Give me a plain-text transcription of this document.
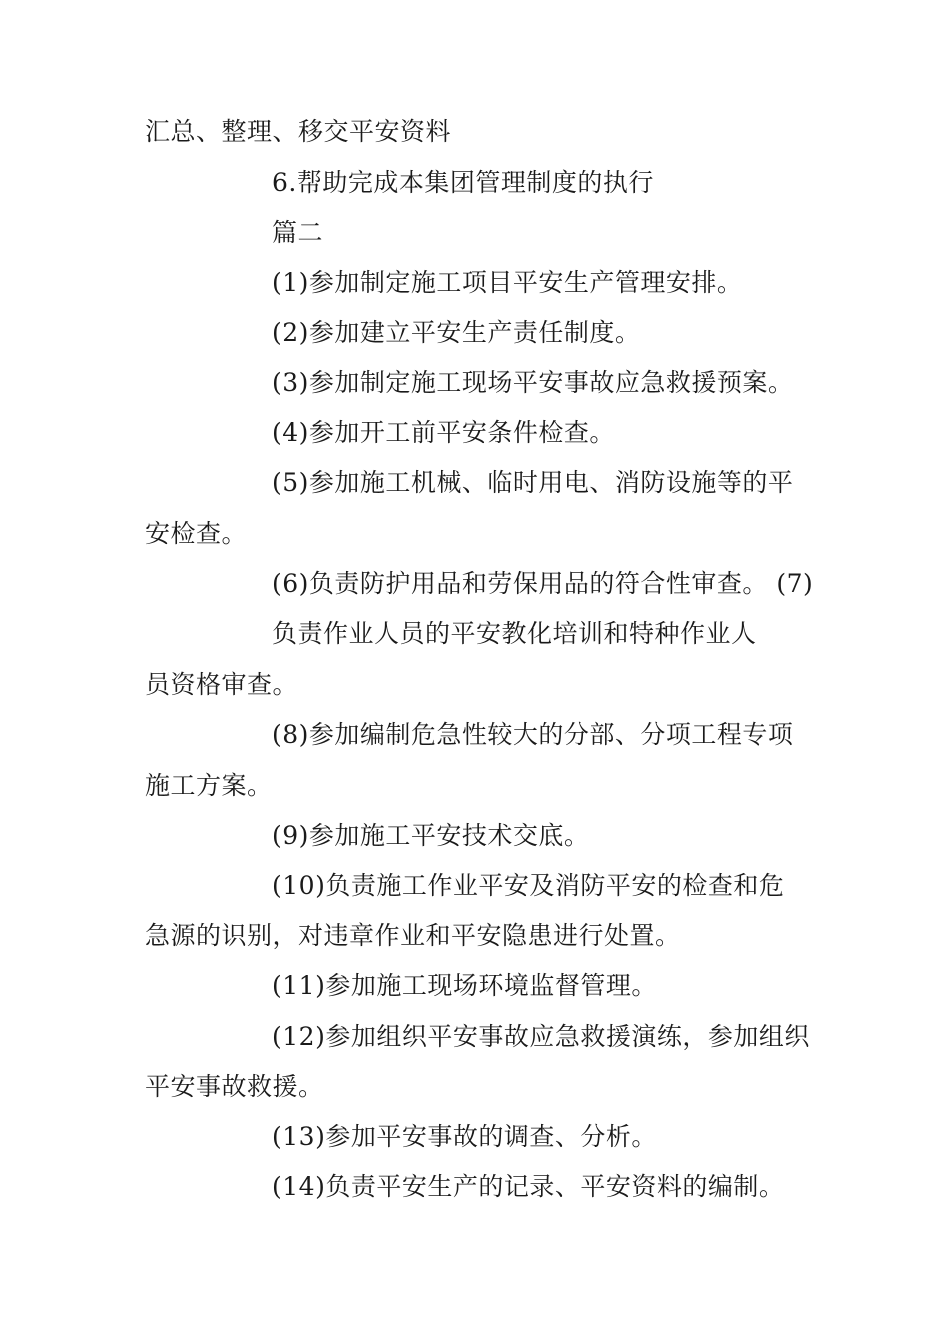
汇总、整理、移交平安资料
6.帮助完成本集团管理制度的执行
篇二
(1)参加制定施工项目平安生产管理安排。
(2)参加建立平安生产责任制度。
(3)参加制定施工现场平安事故应急救援预案。
(4)参加开工前平安条件检查。
(5)参加施工机械、临时用电、消防设施等的平
安检查。
(6)负责防护用品和劳保用品的符合性审查。 (7)
负责作业人员的平安教化培训和特种作业人
员资格审查。
(8)参加编制危急性较大的分部、分项工程专项
施工方案。
(9)参加施工平安技术交底。
(10)负责施工作业平安及消防平安的检查和危
急源的识别，对违章作业和平安隐患进行处置。
(11)参加施工现场环境监督管理。
(12)参加组织平安事故应急救援演练，参加组织
平安事故救援。
(13)参加平安事故的调查、分析。
(14)负责平安生产的记录、平安资料的编制。
